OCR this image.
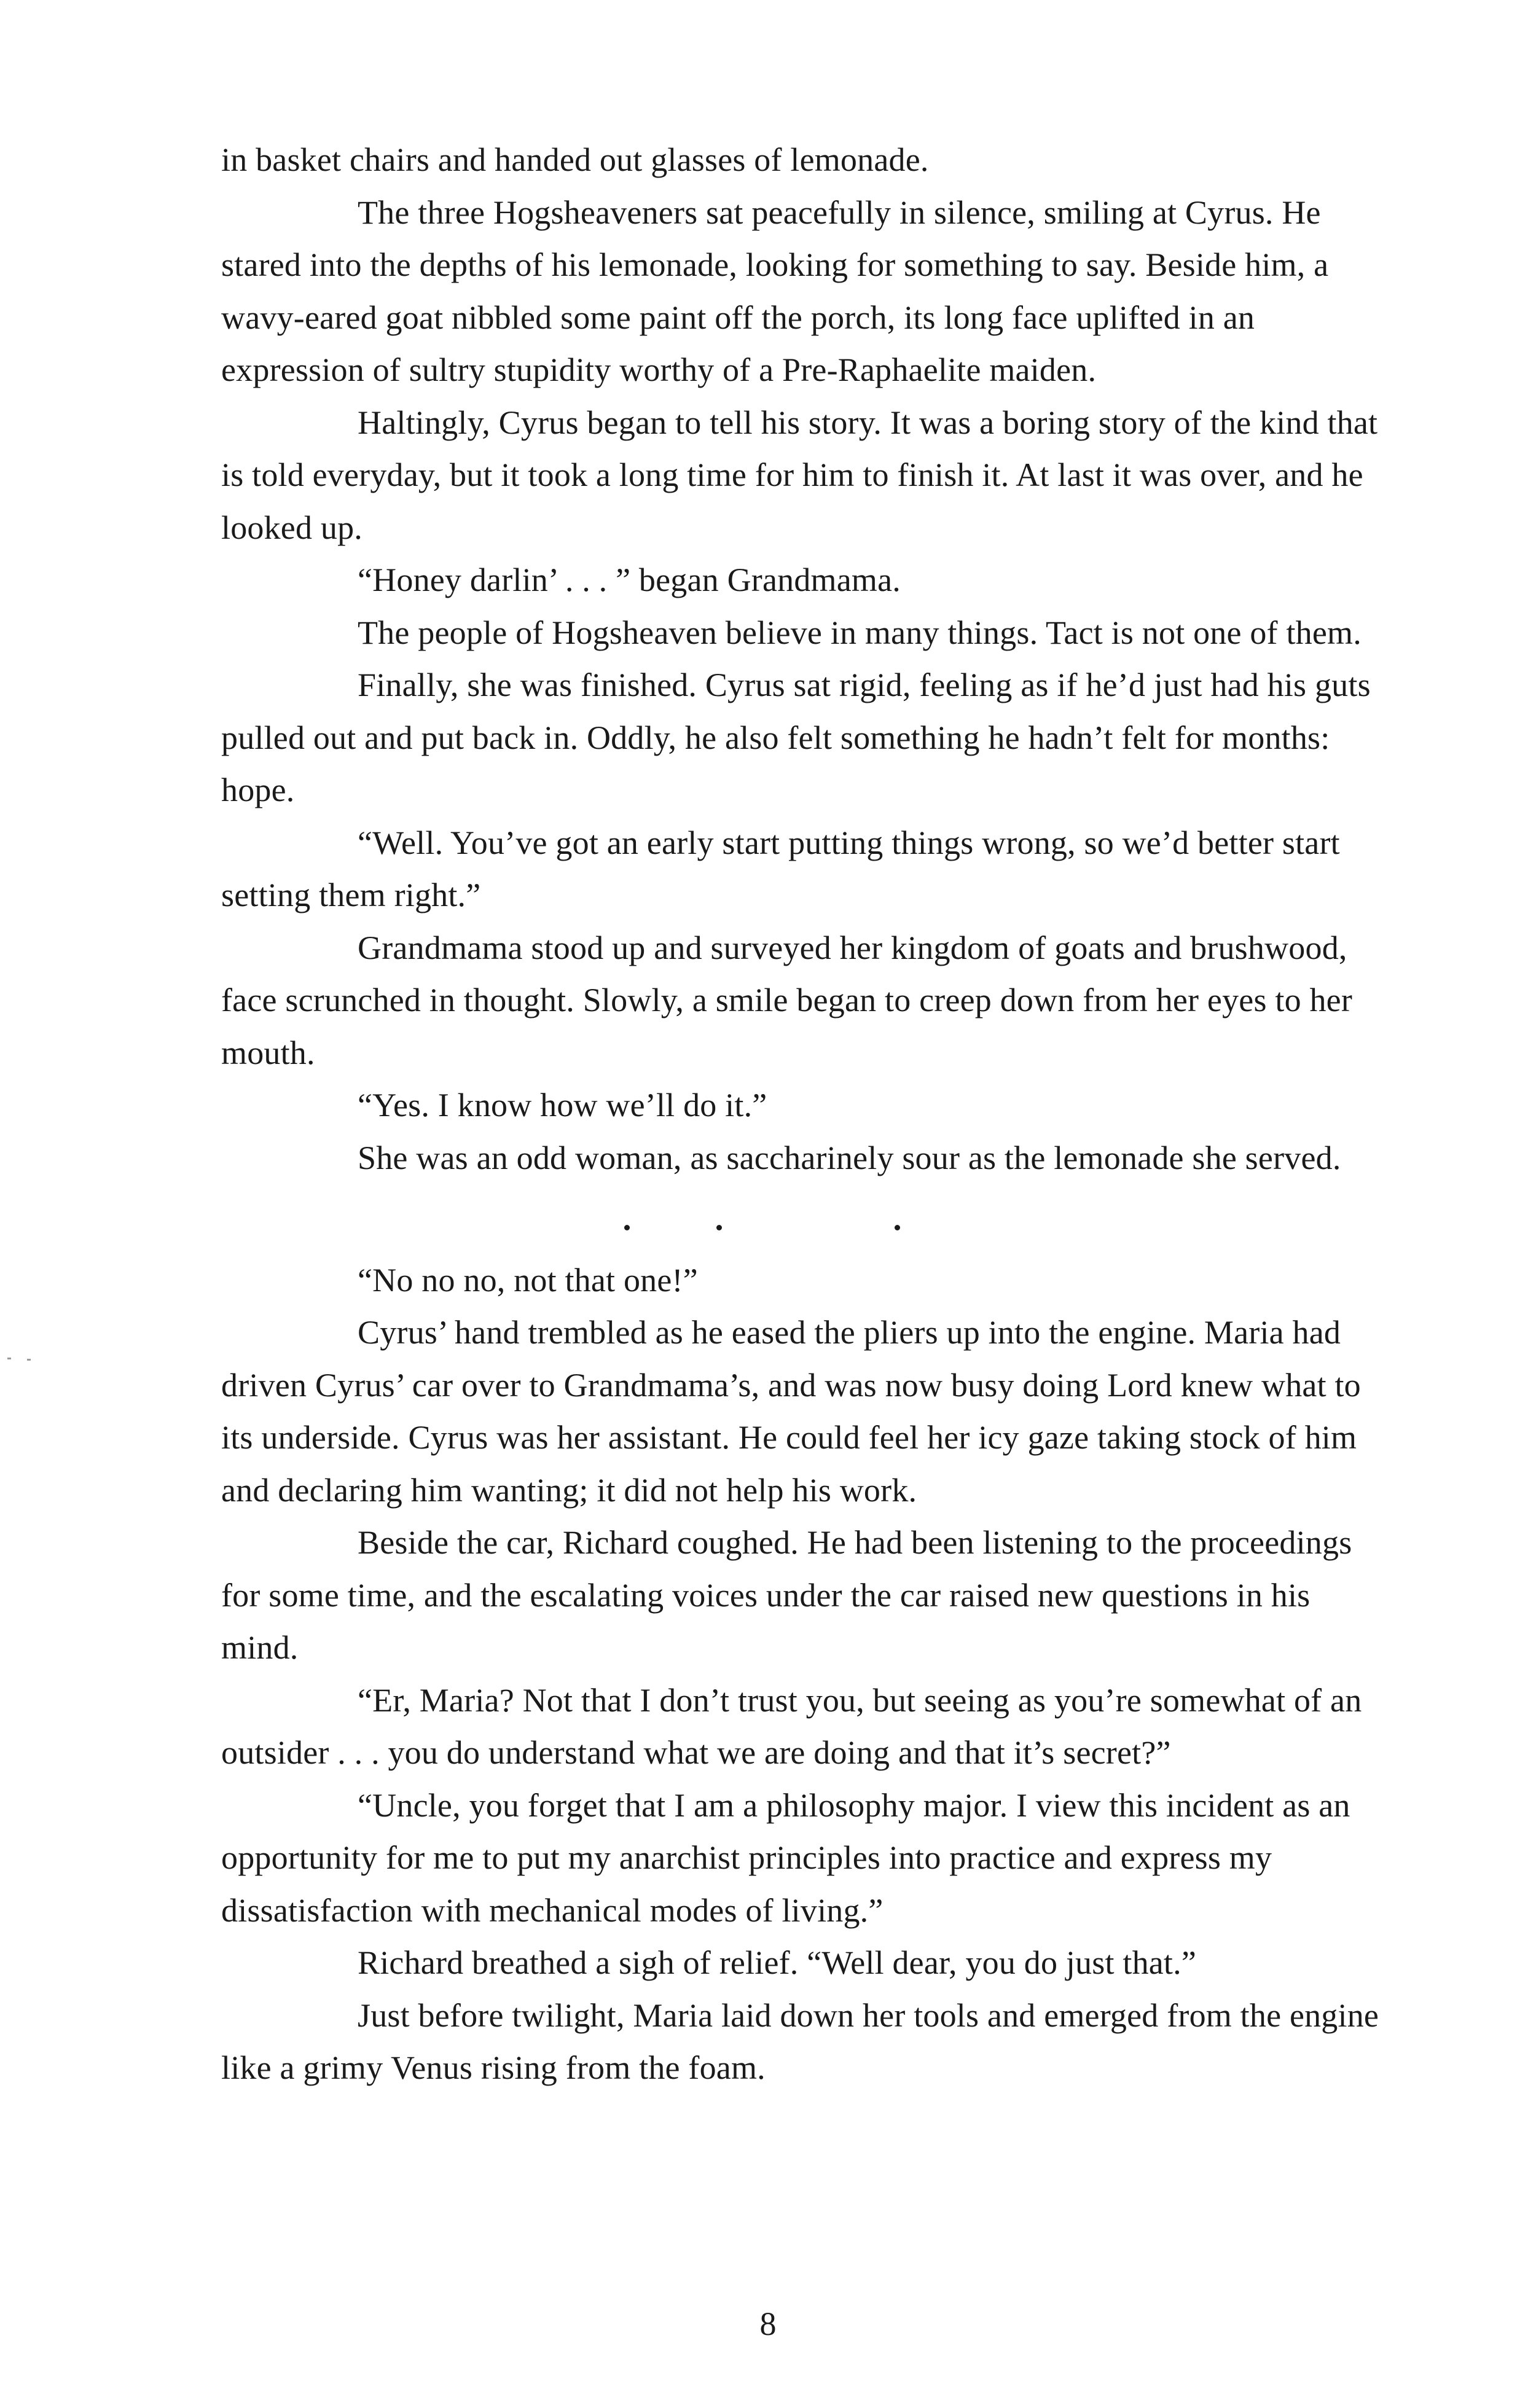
in basket chairs and handed out glasses of lemonade.

The three Hogsheaveners sat peacefully in silence, smiling at Cyrus. He stared into the depths of his lemonade, looking for something to say. Beside him, a wavy-eared goat nibbled some paint off the porch, its long face uplifted in an expression of sultry stupidity worthy of a Pre-Raphaelite maiden.

Haltingly, Cyrus began to tell his story. It was a boring story of the kind that is told everyday, but it took a long time for him to finish it. At last it was over, and he looked up.

“Honey darlin’ . . . ” began Grandmama.

The people of Hogsheaven believe in many things. Tact is not one of them.

Finally, she was finished. Cyrus sat rigid, feeling as if he’d just had his guts pulled out and put back in. Oddly, he also felt something he hadn’t felt for months: hope.

“Well. You’ve got an early start putting things wrong, so we’d better start setting them right.”

Grandmama stood up and surveyed her kingdom of goats and brushwood, face scrunched in thought. Slowly, a smile began to creep down from her eyes to her mouth.

“Yes. I know how we’ll do it.”

She was an odd woman, as saccharinely sour as the lemonade she served.

“No no no, not that one!”

Cyrus’ hand trembled as he eased the pliers up into the engine. Maria had driven Cyrus’ car over to Grandmama’s, and was now busy doing Lord knew what to its underside. Cyrus was her assistant. He could feel her icy gaze taking stock of him and declaring him wanting; it did not help his work.

Beside the car, Richard coughed. He had been listening to the proceedings for some time, and the escalating voices under the car raised new questions in his mind.

“Er, Maria? Not that I don’t trust you, but seeing as you’re somewhat of an outsider . . . you do understand what we are doing and that it’s secret?”

“Uncle, you forget that I am a philosophy major. I view this incident as an opportunity for me to put my anarchist principles into practice and express my dissatisfaction with mechanical modes of living.”

Richard breathed a sigh of relief. “Well dear, you do just that.”

Just before twilight, Maria laid down her tools and emerged from the engine like a grimy Venus rising from the foam.

8
